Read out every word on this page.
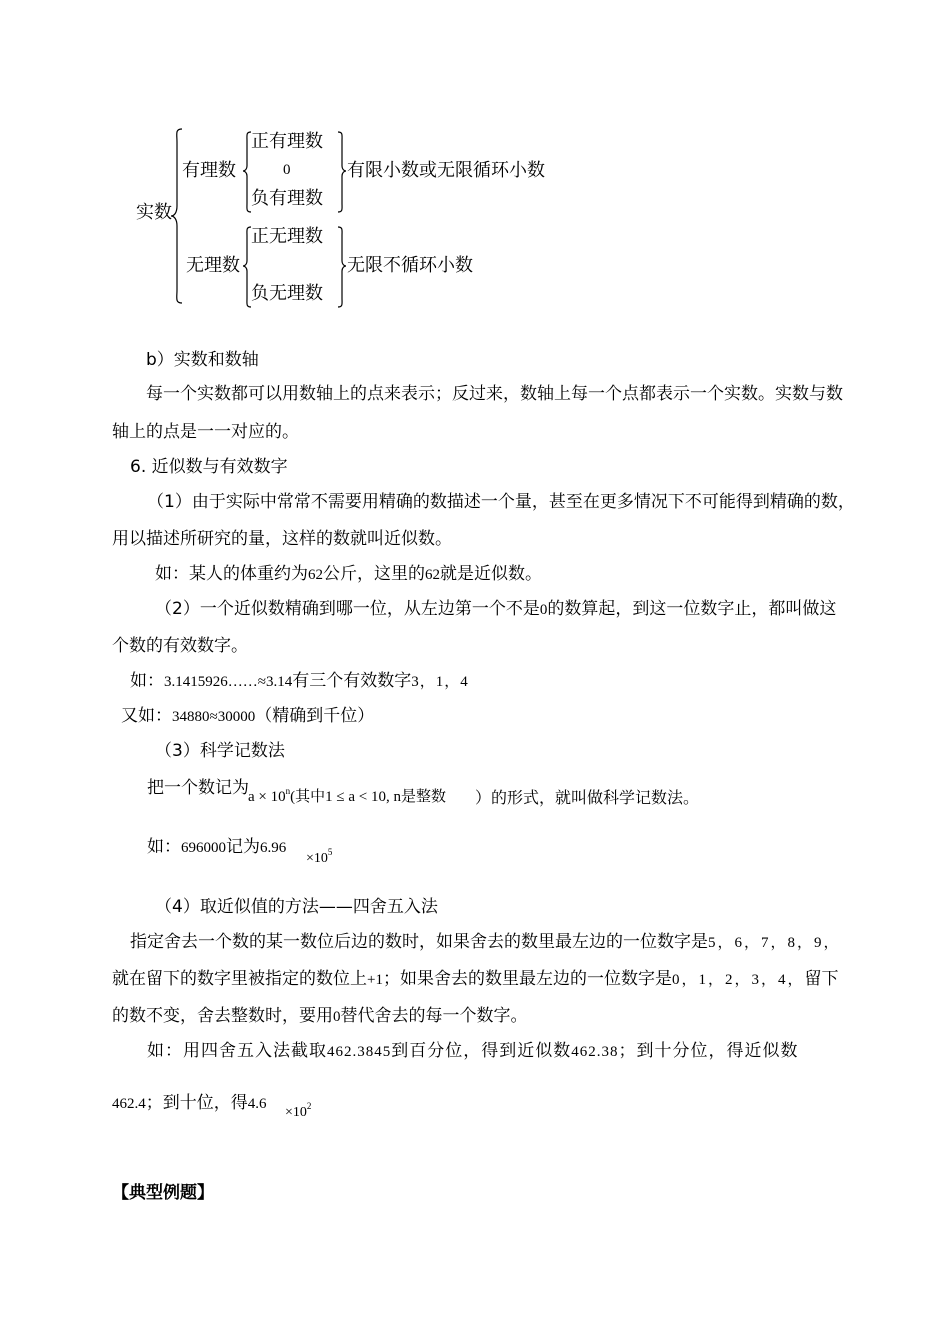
实数
有理数
正有理数
0
负有理数
有限小数或无限循环小数
无理数
正无理数
负无理数
无限不循环小数
b）实数和数轴
每一个实数都可以用数轴上的点来表示；反过来，数轴上每一个点都表示一个实数。实数与数
轴上的点是一一对应的。
6. 近似数与有效数字
（1）由于实际中常常不需要用精确的数描述一个量，甚至在更多情况下不可能得到精确的数，
用以描述所研究的量，这样的数就叫近似数。
如：某人的体重约为62公斤，这里的62就是近似数。
（2）一个近似数精确到哪一位，从左边第一个不是0的数算起，到这一位数字止，都叫做这
个数的有效数字。
如：3.1415926……≈3.14有三个有效数字3，1，4
又如：34880≈30000（精确到千位）
（3）科学记数法
把一个数记为 $a \times 10^n$(其中1 ≤ a < 10, n是整数 ）的形式，就叫做科学记数法。
如：696000记为6.96
$\times 10^5$
（4）取近似值的方法——四舍五入法
指定舍去一个数的某一数位后边的数时，如果舍去的数里最左边的一位数字是5，6，7，8，9，
就在留下的数字里被指定的数位上+1；如果舍去的数里最左边的一位数字是0，1，2，3，4，留下
的数不变，舍去整数时，要用0替代舍去的每一个数字。
如：用四舍五入法截取462.3845到百分位，得到近似数462.38；到十分位，得近似数
462.4；到十位，得4.6
$\times 10^2$
【典型例题】
